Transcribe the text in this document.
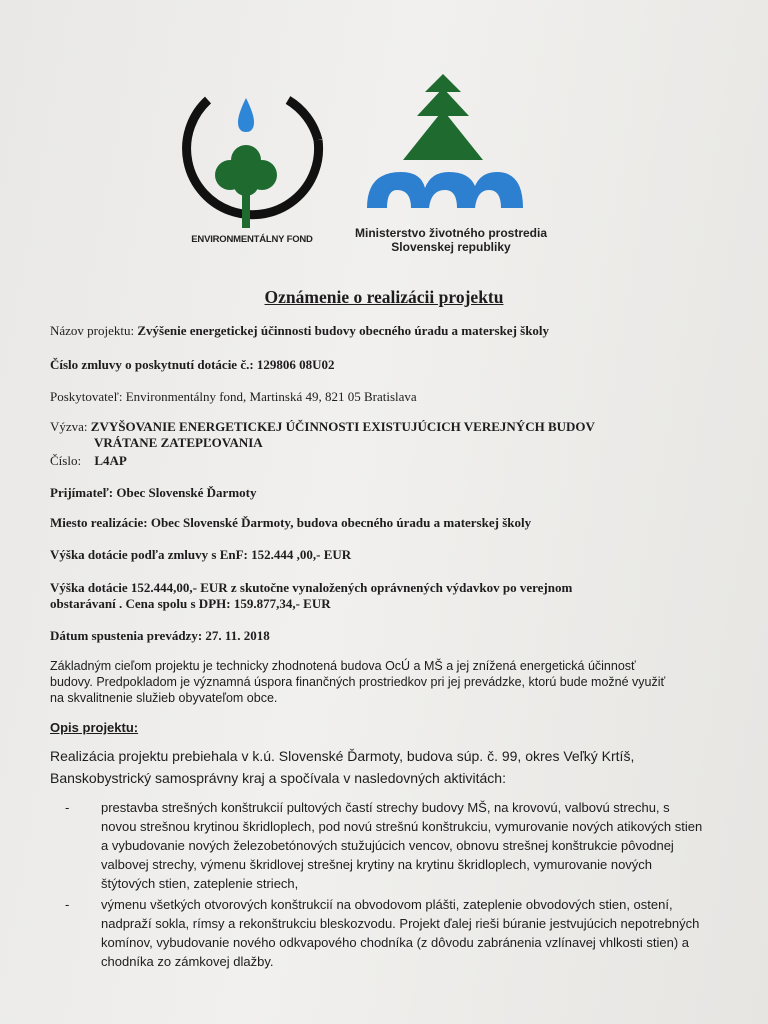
ENVIRONMENTÁLNY FOND	Ministerstvo životného prostredia
Slovenskej republiky
Oznámenie o realizácii projektu
Názov projektu: Zvýšenie energetickej účinnosti budovy obecného úradu a materskej školy
Číslo zmluvy o poskytnutí dotácie č.: 129806 08U02
Poskytovateľ: Environmentálny fond, Martinská 49, 821 05 Bratislava
Výzva: ZVYŠOVANIE ENERGETICKEJ ÚČINNOSTI EXISTUJÚCICH VEREJNÝCH BUDOV
VRÁTANE ZATEPĽOVANIA
Číslo: L4AP
Prijímateľ: Obec Slovenské Ďarmoty
Miesto realizácie: Obec Slovenské Ďarmoty, budova obecného úradu a materskej školy
Výška dotácie podľa zmluvy s EnF: 152.444 ,00,- EUR
Výška dotácie 152.444,00,- EUR z skutočne vynaložených oprávnených výdavkov po verejnom
obstarávaní . Cena spolu s DPH: 159.877,34,- EUR
Dátum spustenia prevádzy: 27. 11. 2018
Základným cieľom projektu je technicky zhodnotená budova OcÚ a MŠ a jej znížená energetická účinnosť
budovy. Predpokladom je významná úspora finančných prostriedkov pri jej prevádzke, ktorú bude možné využiť
na skvalitnenie služieb obyvateľom obce.
Opis projektu:
Realizácia projektu prebiehala v k.ú. Slovenské Ďarmoty, budova súp. č. 99, okres Veľký Krtíš,
Banskobystrický samosprávny kraj a spočívala v nasledovných aktivitách:
- prestavba strešných konštrukcií pultových častí strechy budovy MŠ, na krovovú, valbovú strechu, s novou strešnou krytinou škridloplech, pod novú strešnú konštrukciu, vymurovanie nových atikových stien a vybudovanie nových železobetónových stužujúcich vencov, obnovu strešnej konštrukcie pôvodnej valbovej strechy, výmenu škridlovej strešnej krytiny na krytinu škridloplech, vymurovanie nových štýtových stien, zateplenie striech,
- výmenu všetkých otvorových konštrukcií na obvodovom plášti, zateplenie obvodových stien, ostení, nadpraží sokla, rímsy a rekonštrukciu bleskozvodu. Projekt ďalej rieši búranie jestvujúcich nepotrebných komínov, vybudovanie nového odkvapového chodníka (z dôvodu zabránenia vzlínavej vhlkosti stien) a chodníka zo zámkovej dlažby.
